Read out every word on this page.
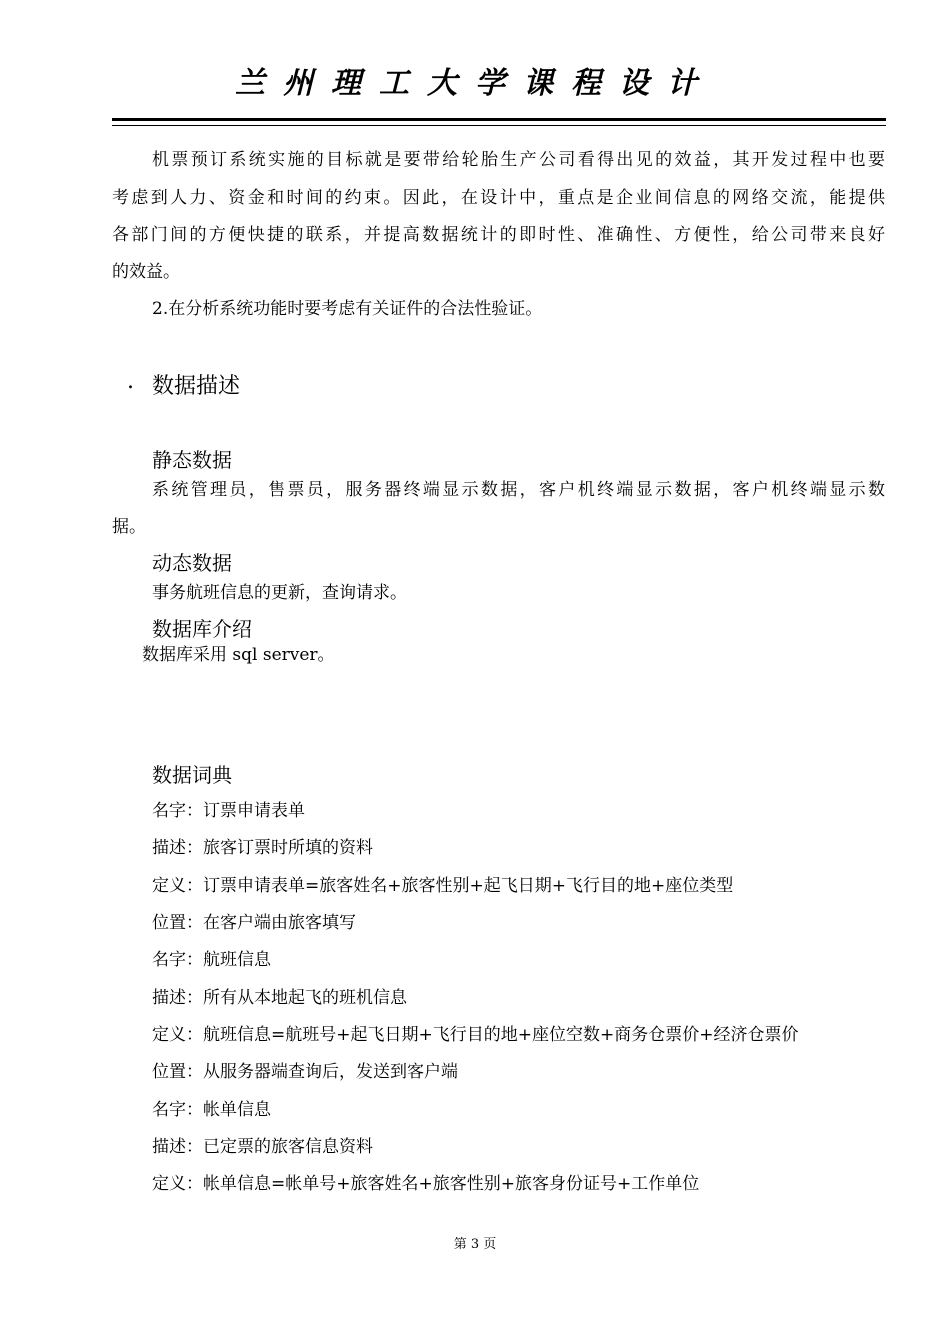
兰州理工大学课程设计
机票预订系统实施的目标就是要带给轮胎生产公司看得出见的效益，其开发过程中也要
考虑到人力、资金和时间的约束。因此，在设计中，重点是企业间信息的网络交流，能提供
各部门间的方便快捷的联系，并提高数据统计的即时性、准确性、方便性，给公司带来良好
的效益。
2.在分析系统功能时要考虑有关证件的合法性验证。
. 数据描述
静态数据
系统管理员，售票员，服务器终端显示数据，客户机终端显示数据，客户机终端显示数
据。
动态数据
事务航班信息的更新，查询请求。
数据库介绍
数据库采用 sql server。
数据词典
名字：订票申请表单
描述：旅客订票时所填的资料
定义：订票申请表单=旅客姓名+旅客性别+起飞日期+飞行目的地+座位类型
位置：在客户端由旅客填写
名字：航班信息
描述：所有从本地起飞的班机信息
定义：航班信息=航班号+起飞日期+飞行目的地+座位空数+商务仓票价+经济仓票价
位置：从服务器端查询后，发送到客户端
名字：帐单信息
描述：已定票的旅客信息资料
定义：帐单信息=帐单号+旅客姓名+旅客性别+旅客身份证号+工作单位
第 3 页
